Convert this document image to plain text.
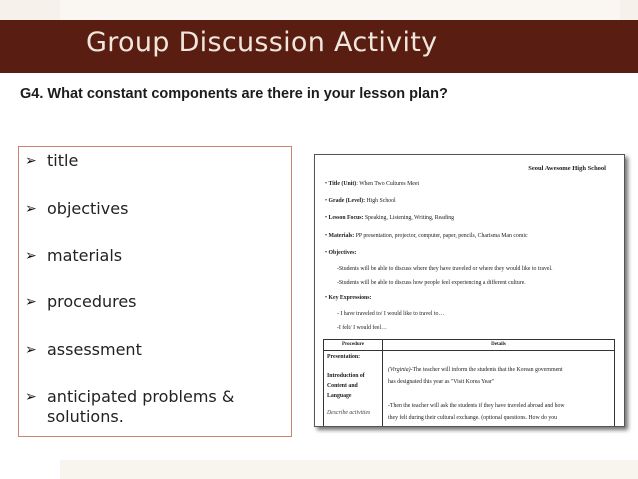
Group Discussion Activity
G4. What constant components are there in your lesson plan?
➢ title
➢ objectives
➢ materials
➢ procedures
➢ assessment
➢ anticipated problems & solutions.
Seoul Awesome High School
• Title (Unit): When Two Cultures Meet
• Grade (Level): High School
• Lesson Focus: Speaking, Listening, Writing, Reading
• Materials: PP presentation, projector, computer, paper, pencils, Charisma Man comic
• Objectives:
-Students will be able to discuss where they have traveled or where they would like to travel.
-Students will be able to discuss how people feel experiencing a different culture.
• Key Expressions:
- I have traveled to/ I would like to travel to…
-I felt/ I would feel…
Procedure	Details
Presentation:
Introduction of
Content and
Language
Describe activities
(Virginia)-The teacher will inform the students that the Korean government
has designated this year as "Visit Korea Year"
-Then the teacher will ask the students if they have traveled abroad and how
they felt during their cultural exchange. (optional questions. How do you
